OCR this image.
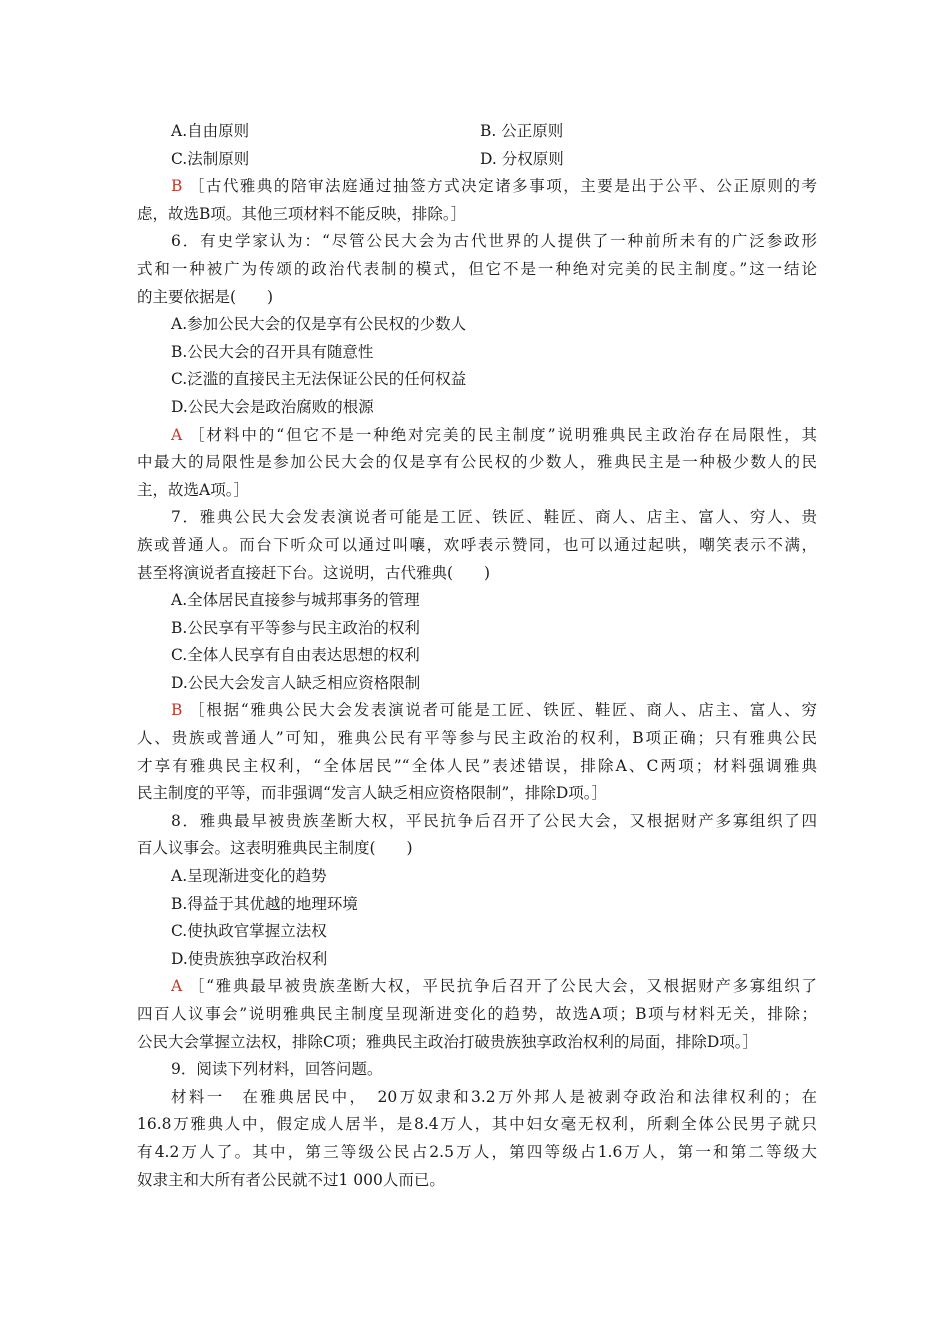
A.自由原则	B. 公正原则
C.法制原则	D. 分权原则
B ［古代雅典的陪审法庭通过抽签方式决定诸多事项，主要是出于公平、公正原则的考
虑，故选B项。其他三项材料不能反映，排除。］
6．有史学家认为：“尽管公民大会为古代世界的人提供了一种前所未有的广泛参政形
式和一种被广为传颂的政治代表制的模式，但它不是一种绝对完美的民主制度。”这一结论
的主要依据是(　　)
A.参加公民大会的仅是享有公民权的少数人
B.公民大会的召开具有随意性
C.泛滥的直接民主无法保证公民的任何权益
D.公民大会是政治腐败的根源
A ［材料中的“但它不是一种绝对完美的民主制度”说明雅典民主政治存在局限性，其
中最大的局限性是参加公民大会的仅是享有公民权的少数人，雅典民主是一种极少数人的民
主，故选A项。］
7．雅典公民大会发表演说者可能是工匠、铁匠、鞋匠、商人、店主、富人、穷人、贵
族或普通人。而台下听众可以通过叫嚷，欢呼表示赞同，也可以通过起哄，嘲笑表示不满，
甚至将演说者直接赶下台。这说明，古代雅典(　　)
A.全体居民直接参与城邦事务的管理
B.公民享有平等参与民主政治的权利
C.全体人民享有自由表达思想的权利
D.公民大会发言人缺乏相应资格限制
B ［根据“雅典公民大会发表演说者可能是工匠、铁匠、鞋匠、商人、店主、富人、穷
人、贵族或普通人”可知，雅典公民有平等参与民主政治的权利，B项正确；只有雅典公民
才享有雅典民主权利，“全体居民”“全体人民”表述错误，排除A、C两项；材料强调雅典
民主制度的平等，而非强调“发言人缺乏相应资格限制”，排除D项。］
8．雅典最早被贵族垄断大权，平民抗争后召开了公民大会，又根据财产多寡组织了四
百人议事会。这表明雅典民主制度(　　)
A.呈现渐进变化的趋势
B.得益于其优越的地理环境
C.使执政官掌握立法权
D.使贵族独享政治权利
A ［“雅典最早被贵族垄断大权，平民抗争后召开了公民大会，又根据财产多寡组织了
四百人议事会”说明雅典民主制度呈现渐进变化的趋势，故选A项；B项与材料无关，排除；
公民大会掌握立法权，排除C项；雅典民主政治打破贵族独享政治权利的局面，排除D项。］
9．阅读下列材料，回答问题。
材料一　在雅典居民中，　20万奴隶和3.2万外邦人是被剥夺政治和法律权利的；在
16.8万雅典人中，假定成人居半，是8.4万人，其中妇女毫无权利，所剩全体公民男子就只
有4.2万人了。其中，第三等级公民占2.5万人，第四等级占1.6万人，第一和第二等级大
奴隶主和大所有者公民就不过1 000人而已。
